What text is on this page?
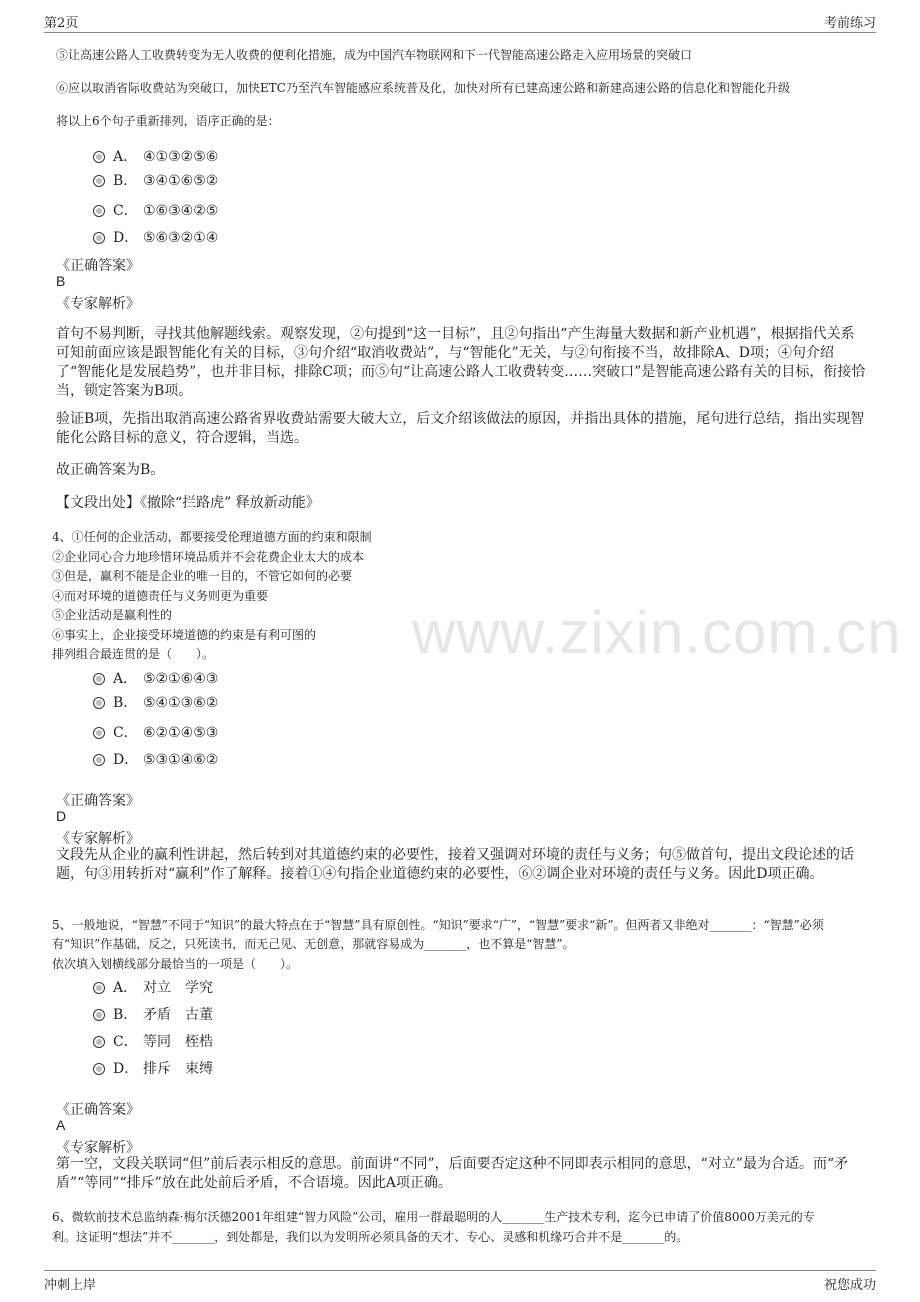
第2页	考前练习
www.zixin.com.cn
⑤让高速公路人工收费转变为无人收费的便利化措施，成为中国汽车物联网和下一代智能高速公路走入应用场景的突破口
⑥应以取消省际收费站为突破口，加快ETC乃至汽车智能感应系统普及化，加快对所有已建高速公路和新建高速公路的信息化和智能化升级
将以上6个句子重新排列，语序正确的是：
A． ④①③②⑤⑥
B. ③④①⑥⑤②
C． ①⑥③④②⑤
D． ⑤⑥③②①④
《正确答案》
B
《专家解析》
首句不易判断，寻找其他解题线索。观察发现，②句提到“这一目标”，且②句指出“产生海量大数据和新产业机遇”，根据指代关系可知前面应该是跟智能化有关的目标，③句介绍“取消收费站”，与“智能化”无关，与②句衔接不当，故排除A、D项；④句介绍了“智能化是发展趋势”，也并非目标，排除C项；而⑤句“让高速公路人工收费转变……突破口”是智能高速公路有关的目标，衔接恰当，锁定答案为B项。
验证B项，先指出取消高速公路省界收费站需要大破大立，后文介绍该做法的原因，并指出具体的措施，尾句进行总结，指出实现智能化公路目标的意义，符合逻辑，当选。
故正确答案为B。
【文段出处】《撤除“拦路虎” 释放新动能》
4、①任何的企业活动，都要接受伦理道德方面的约束和限制
②企业同心合力地珍惜环境品质并不会花费企业太大的成本
③但是，赢利不能是企业的唯一目的，不管它如何的必要
④而对环境的道德责任与义务则更为重要
⑤企业活动是赢利性的
⑥事实上，企业接受环境道德的约束是有利可图的
排列组合最连贯的是（　　）。
A． ⑤②①⑥④③
B. ⑤④①③⑥②
C． ⑥②①④⑤③
D． ⑤③①④⑥②
《正确答案》
D
《专家解析》
文段先从企业的赢利性讲起，然后转到对其道德约束的必要性，接着又强调对环境的责任与义务；句⑤做首句，提出文段论述的话题，句③用转折对“赢利”作了解释。接着①④句指企业道德约束的必要性，⑥②调企业对环境的责任与义务。因此D项正确。
5、一般地说，“智慧”不同于“知识”的最大特点在于“智慧”具有原创性。“知识”要求“广”，“智慧”要求“新”。但两者又非绝对_______：“智慧”必须
有“知识”作基础，反之，只死读书，而无己见、无创意，那就容易成为_______，也不算是“智慧”。
依次填入划横线部分最恰当的一项是（　　）。
A． 对立　学究
B. 矛盾　古董
C． 等同　桎梏
D． 排斥　束缚
《正确答案》
A
《专家解析》
第一空，文段关联词“但”前后表示相反的意思。前面讲“不同”，后面要否定这种不同即表示相同的意思，“对立”最为合适。而“矛盾”“等同”“排斥”放在此处前后矛盾，不合语境。因此A项正确。
6、微软前技术总监纳森·梅尔沃德2001年组建“智力风险”公司，雇用一群最聪明的人_______生产技术专利，迄今已申请了价值8000万美元的专
利。这证明“想法”并不_______，到处都是，我们以为发明所必须具备的天才、专心、灵感和机缘巧合并不是_______的。
冲刺上岸	祝您成功
